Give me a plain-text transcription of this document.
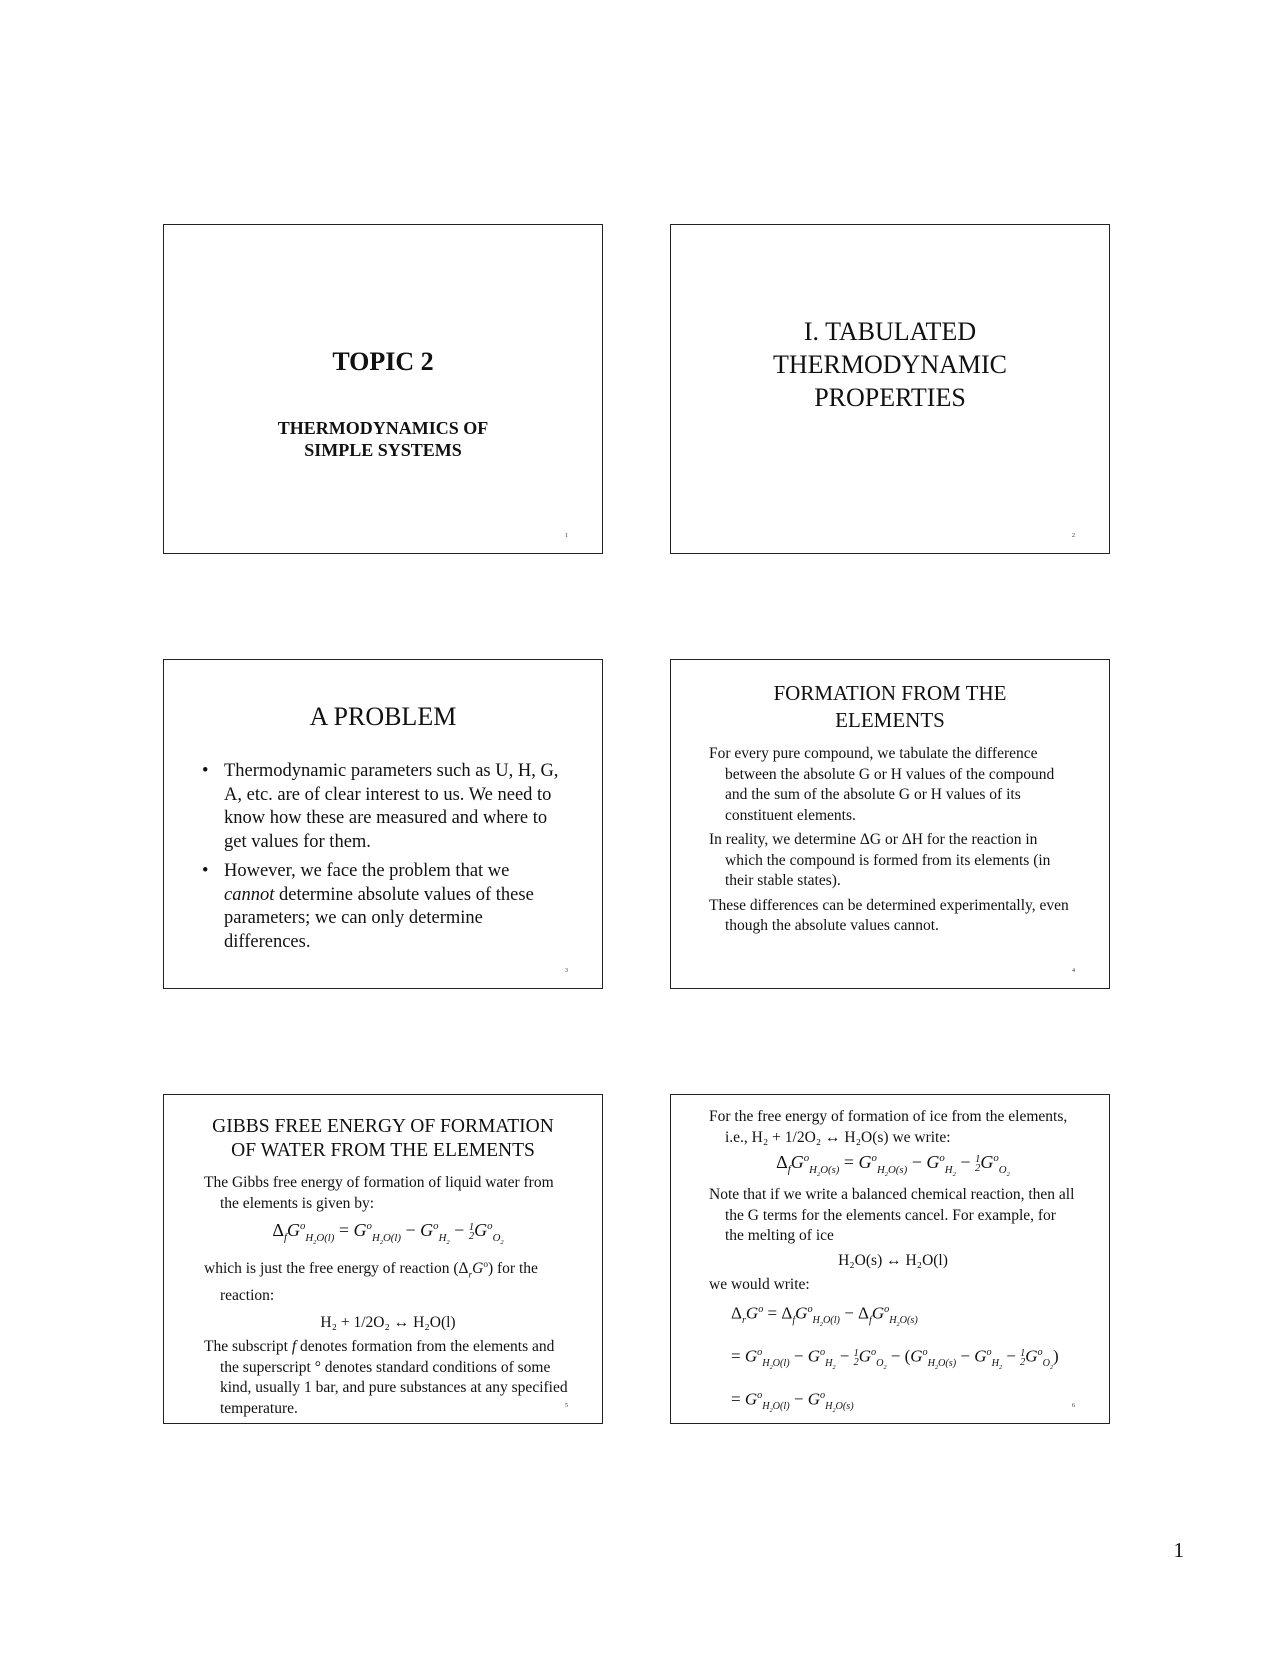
TOPIC 2
THERMODYNAMICS OF
SIMPLE SYSTEMS
1
I. TABULATED
THERMODYNAMIC
PROPERTIES
2
A PROBLEM
• Thermodynamic parameters such as U, H, G, A, etc. are of clear interest to us. We need to know how these are measured and where to get values for them.
• However, we face the problem that we cannot determine absolute values of these parameters; we can only determine differences.
3
FORMATION FROM THE
ELEMENTS

For every pure compound, we tabulate the difference between the absolute G or H values of the compound and the sum of the absolute G or H values of its constituent elements.

In reality, we determine ΔG or ΔH for the reaction in which the compound is formed from its elements (in their stable states).

These differences can be determined experimentally, even though the absolute values cannot.

4
GIBBS FREE ENERGY OF FORMATION
OF WATER FROM THE ELEMENTS

The Gibbs free energy of formation of liquid water from the elements is given by:

$\Delta_fG^o_{H_2O(l)} = G^o_{H_2O(l)} - G^o_{H_2} - 1$
$2G^o_{O_2}$

which is just the free energy of reaction $(\Delta_rG^o)$ for the reaction:

H₂ + 1/2O₂ ↔ H₂O(l)

The subscript f denotes formation from the elements and the superscript ° denotes standard conditions of some kind, usually 1 bar, and pure substances at any specified temperature.	5

For the free energy of formation of ice from the elements, i.e., H₂ + 1/2O₂ ↔ H₂O(s) we write:

$\Delta_fG^o_{H_2O(s)} = G^o_{H_2O(s)} - G^o_{H_2} - 1$
$2G^o_{O_2}$

Note that if we write a balanced chemical reaction, then all the G terms for the elements cancel. For example, for the melting of ice

H₂O(s) ↔ H₂O(l)

we would write:

$\Delta_rG^o = \Delta_fG^o_{H_2O(l)} - \Delta_fG^o_{H_2O(s)}$
= $G^o_{H_2O(l)} - G^o_{H_2} - 1$
$2G^o_{O_2} - (G^o_{H_2O(s)} - G^o_{H_2} - 1$
$2G^o_{O_2}$)
= $G^o_{H_2O(l)} - G^o_{H_2O(s)}$	6
1
